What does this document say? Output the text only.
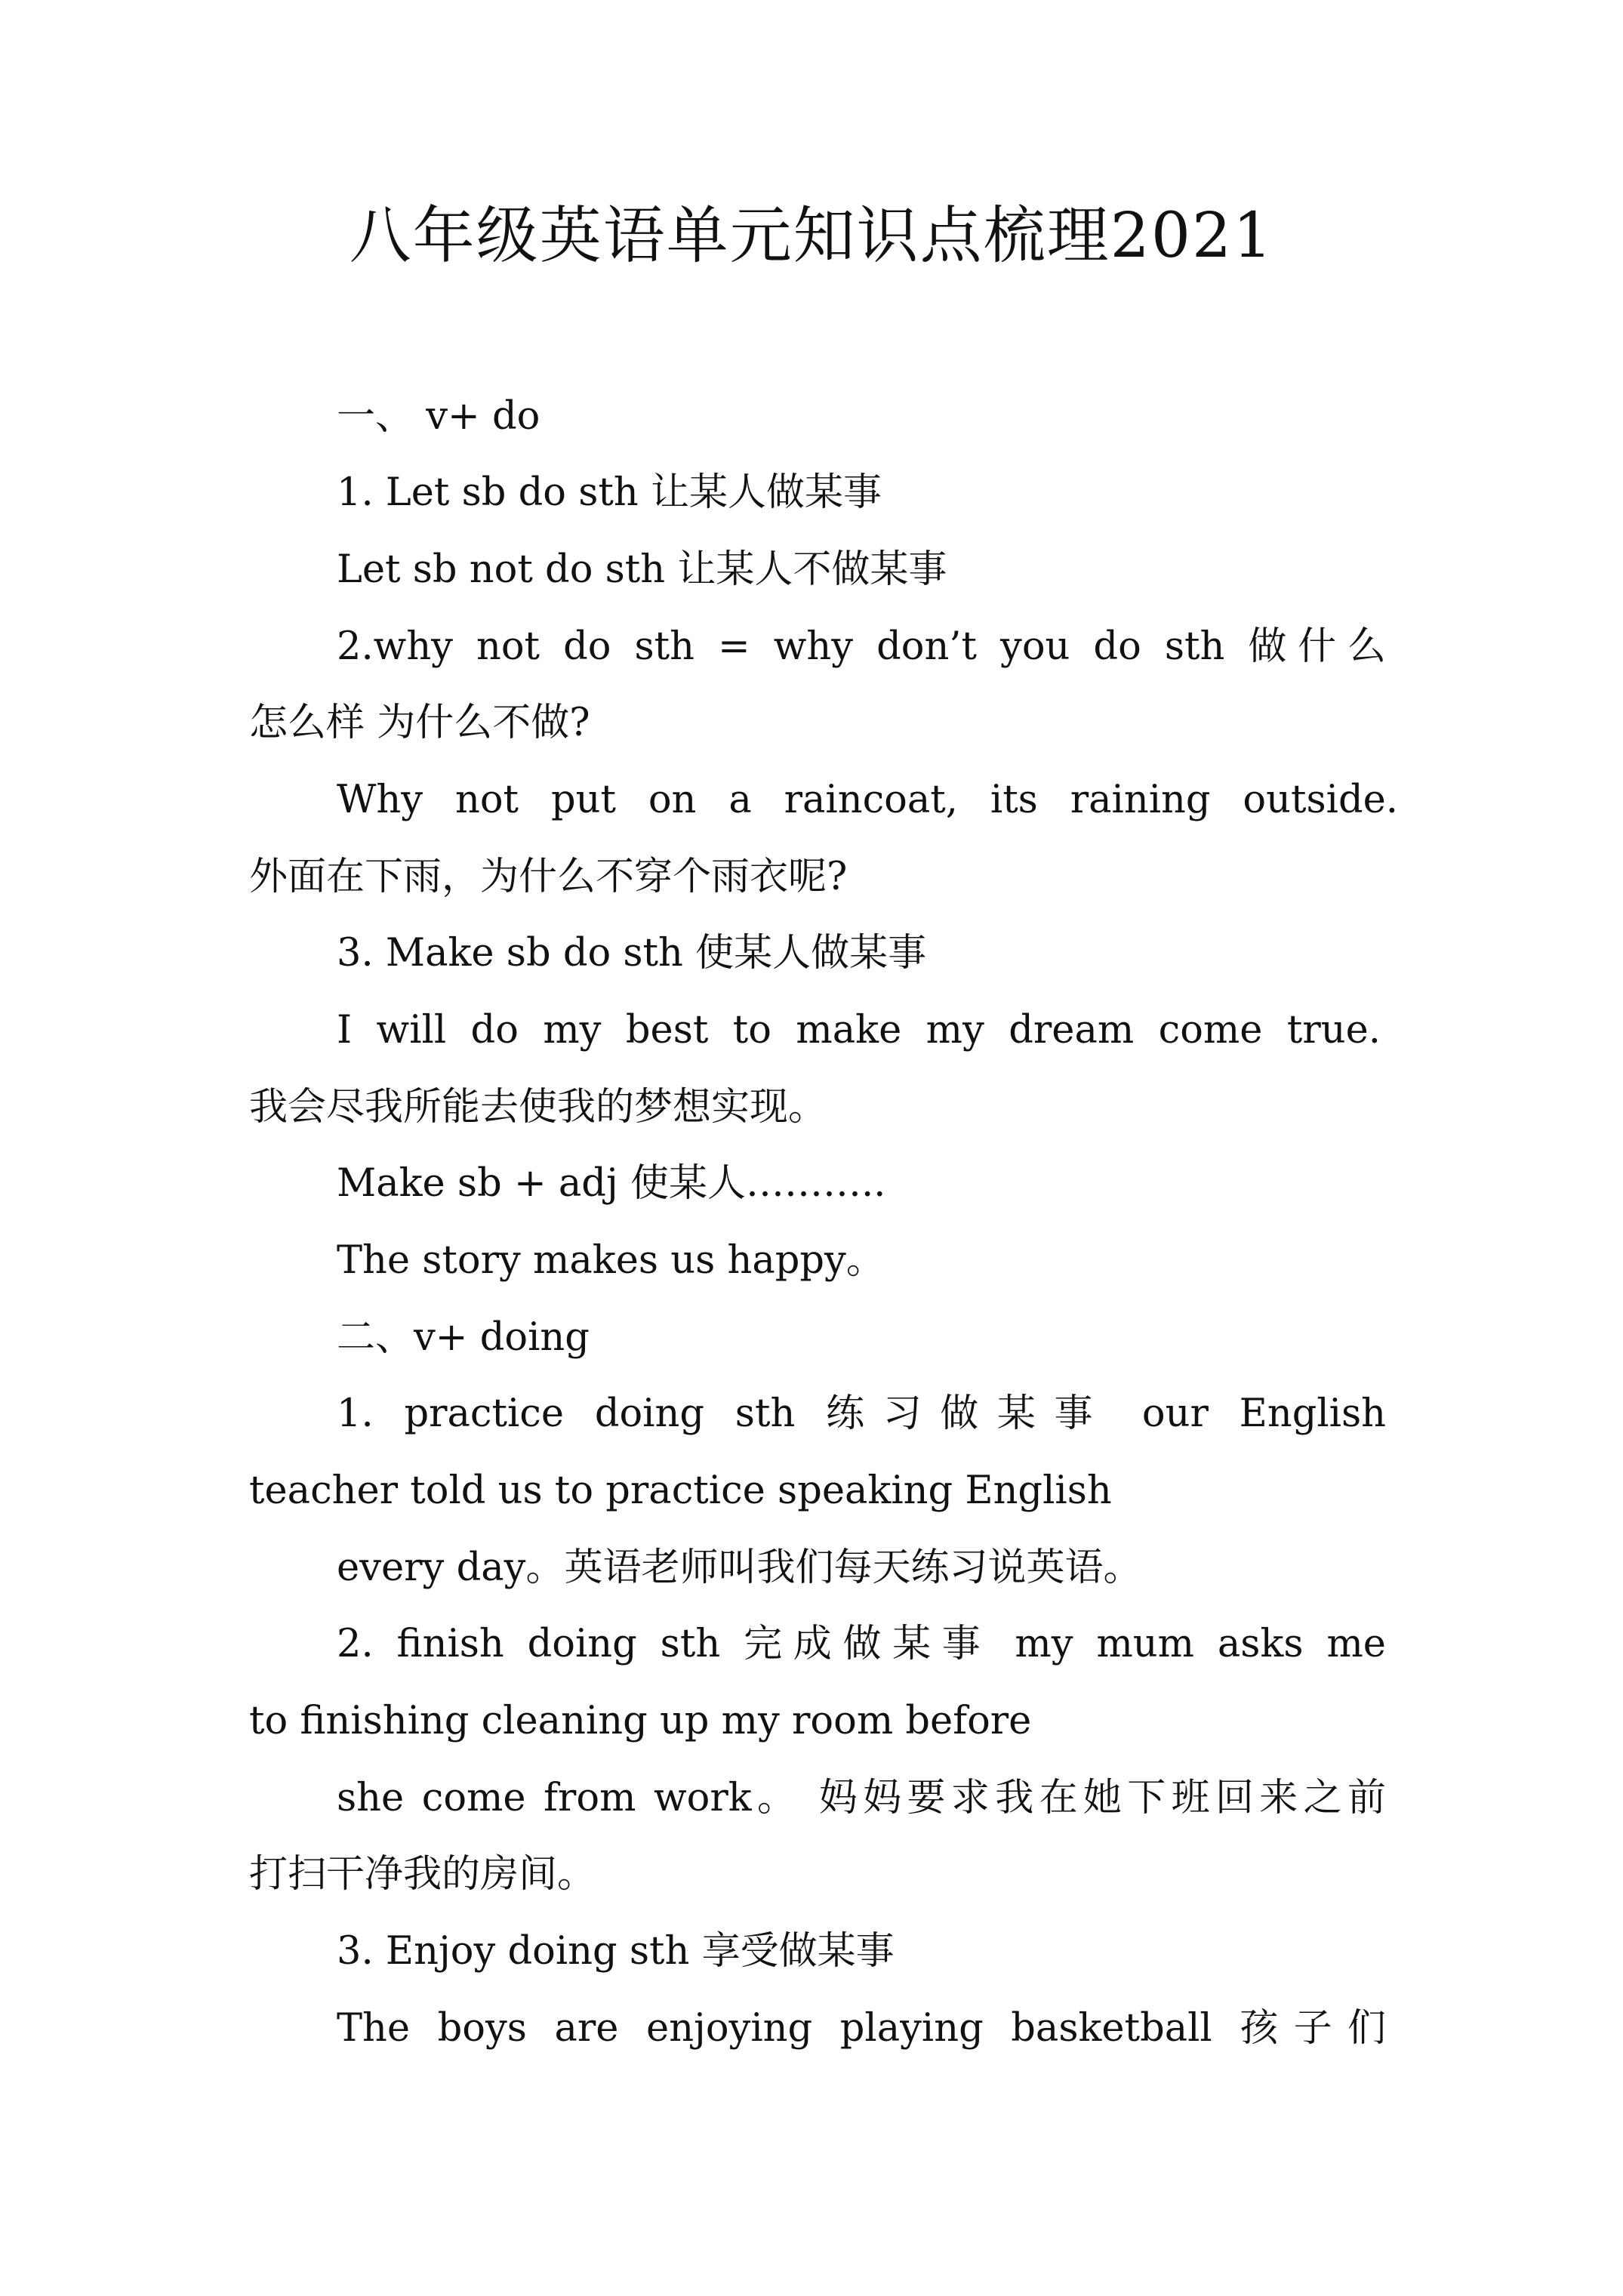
八年级英语单元知识点梳理2021
一、 v+ do
1. Let sb do sth 让某人做某事
Let sb not do sth 让某人不做某事
2.why not do sth = why don’t you do sth 做什么
怎么样 为什么不做?
Why not put on a raincoat, its raining outside.
外面在下雨，为什么不穿个雨衣呢?
3. Make sb do sth 使某人做某事
I will do my best to make my dream come true.
我会尽我所能去使我的梦想实现。
Make sb + adj 使某人………..
The story makes us happy。
二、v+ doing
1. practice doing sth 练习做某事 our English
teacher told us to practice speaking English
every day。英语老师叫我们每天练习说英语。
2. finish doing sth 完成做某事 my mum asks me
to finishing cleaning up my room before
she come from work。 妈妈要求我在她下班回来之前
打扫干净我的房间。
3. Enjoy doing sth 享受做某事
The boys are enjoying playing basketball 孩子们
